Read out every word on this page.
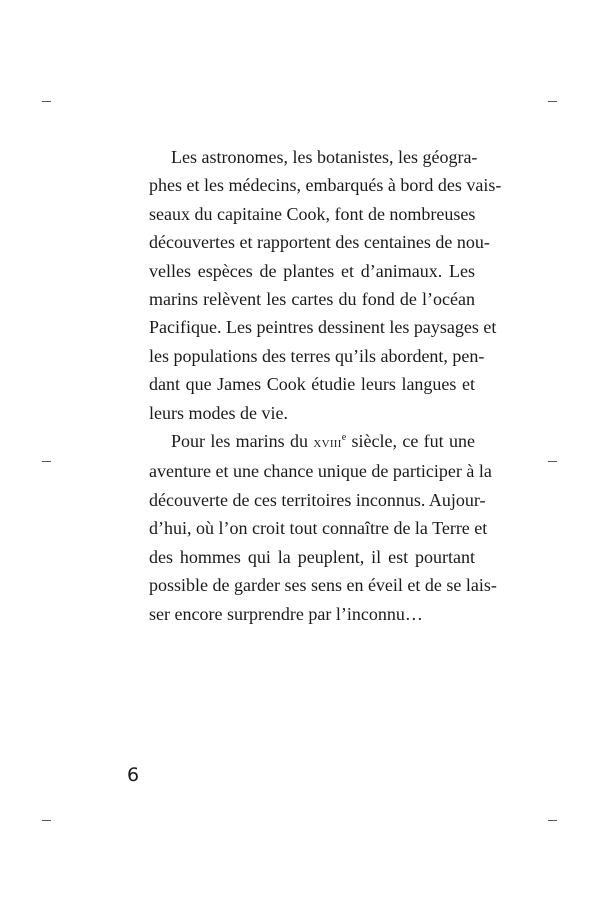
Les astronomes, les botanistes, les géogra-
phes et les médecins, embarqués à bord des vais-
seaux du capitaine Cook, font de nombreuses
découvertes et rapportent des centaines de nou-
velles espèces de plantes et d’animaux. Les
marins relèvent les cartes du fond de l’océan
Pacifique. Les peintres dessinent les paysages et
les populations des terres qu’ils abordent, pen-
dant que James Cook étudie leurs langues et
leurs modes de vie.
Pour les marins du xviii$^e$ siècle, ce fut une
aventure et une chance unique de participer à la
découverte de ces territoires inconnus. Aujour-
d’hui, où l’on croit tout connaître de la Terre et
des hommes qui la peuplent, il est pourtant
possible de garder ses sens en éveil et de se lais-
ser encore surprendre par l’inconnu…
6
